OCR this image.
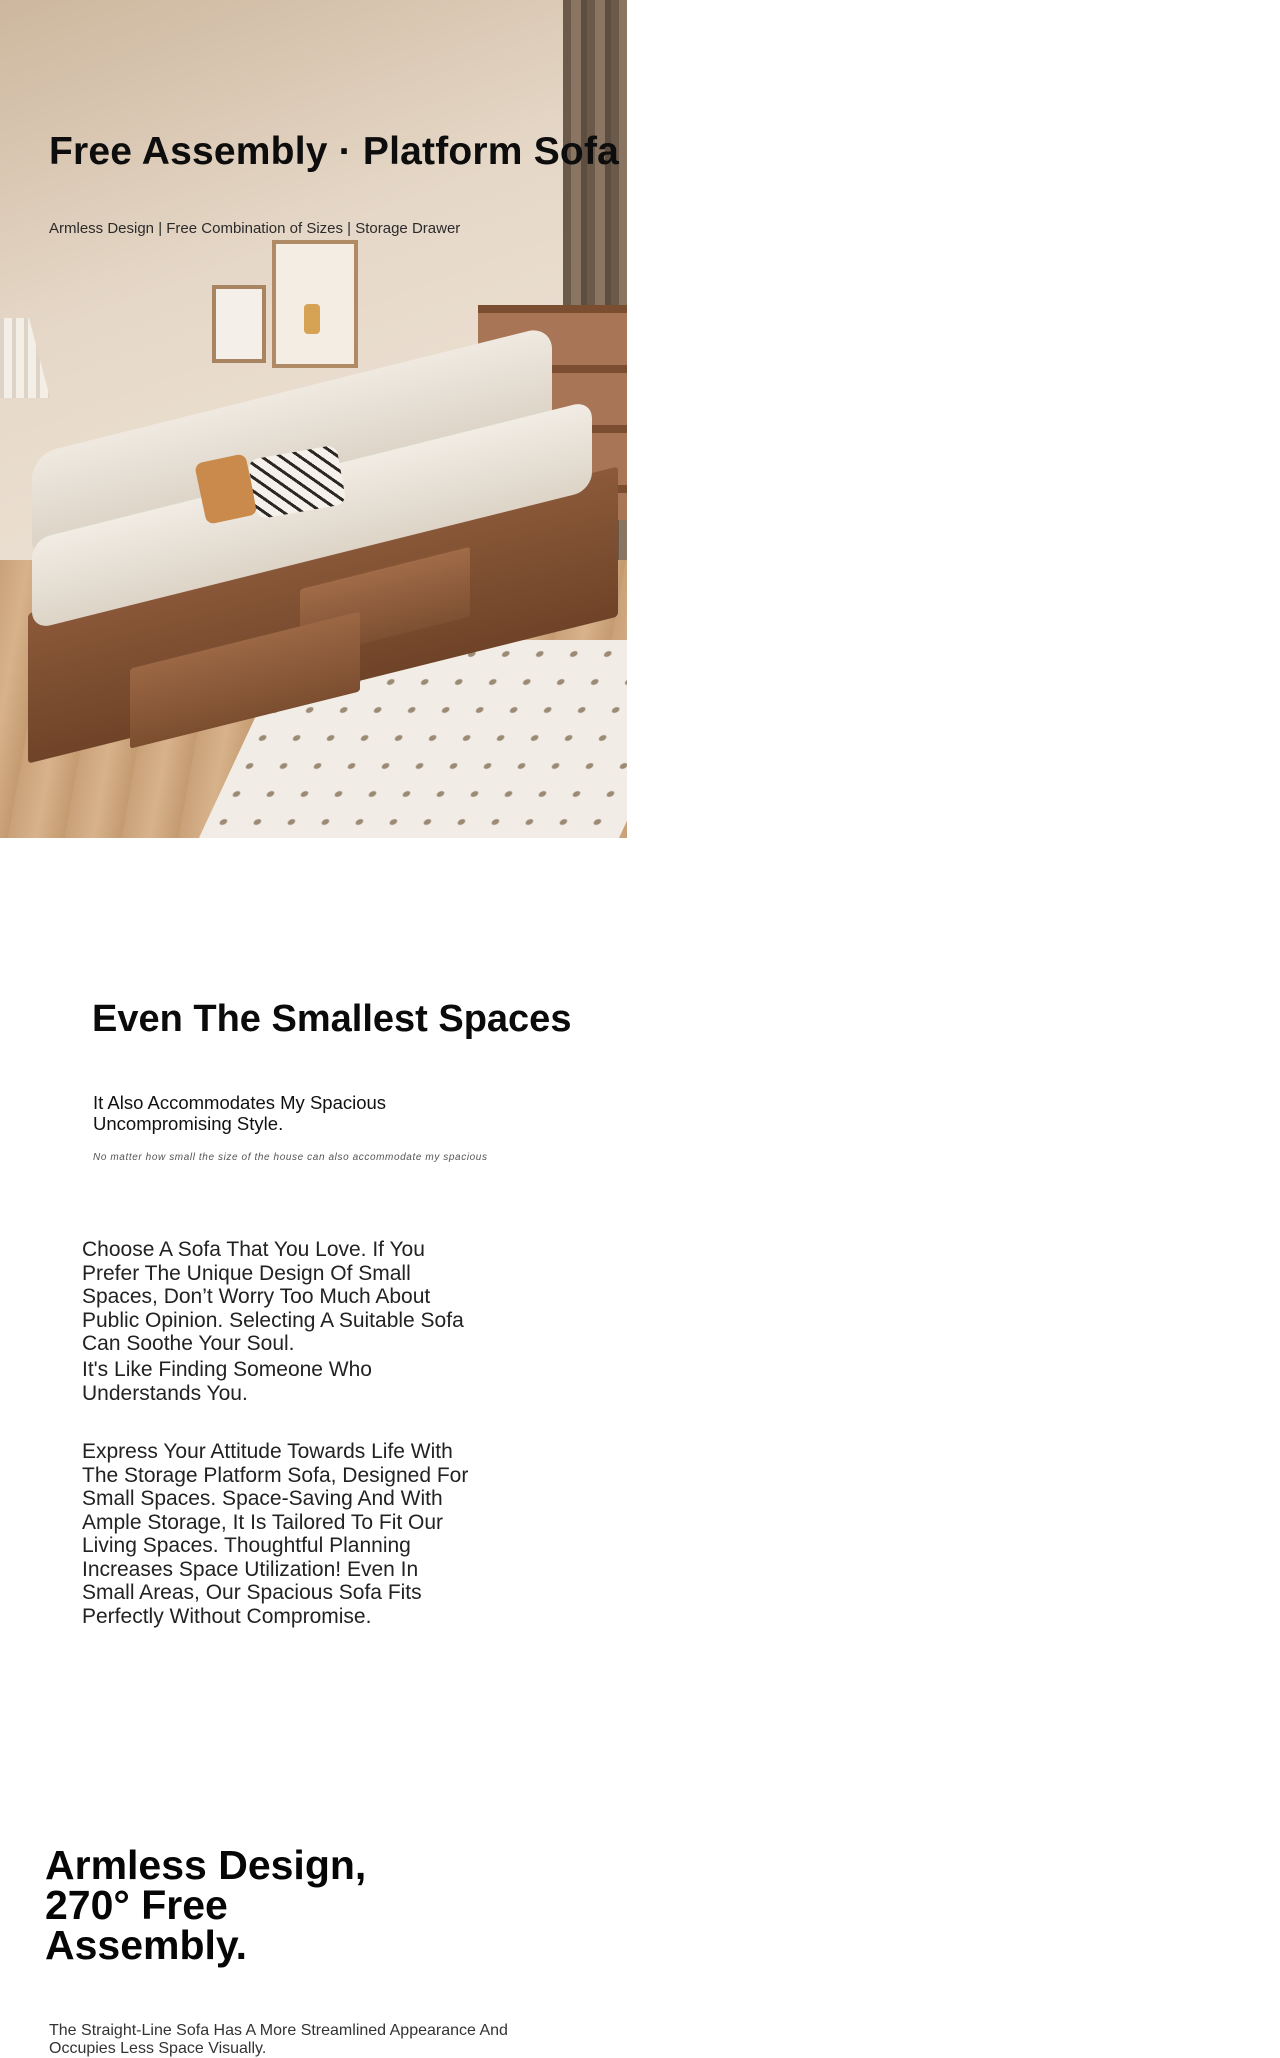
Free Assembly · Platform Sofa

Armless Design | Free Combination of Sizes | Storage Drawer

Even The Smallest Spaces

It Also Accommodates My Spacious Uncompromising Style.

No matter how small the size of the house can also accommodate my spacious

Choose A Sofa That You Love. If You Prefer The Unique Design Of Small Spaces, Don’t Worry Too Much About Public Opinion. Selecting A Suitable Sofa Can Soothe Your Soul.

It's Like Finding Someone Who Understands You.

Express Your Attitude Towards Life With The Storage Platform Sofa, Designed For Small Spaces. Space-Saving And With Ample Storage, It Is Tailored To Fit Our Living Spaces. Thoughtful Planning Increases Space Utilization! Even In Small Areas, Our Spacious Sofa Fits Perfectly Without Compromise.

Armless Design, 270° Free Assembly.

The Straight-Line Sofa Has A More Streamlined Appearance And Occupies Less Space Visually.
